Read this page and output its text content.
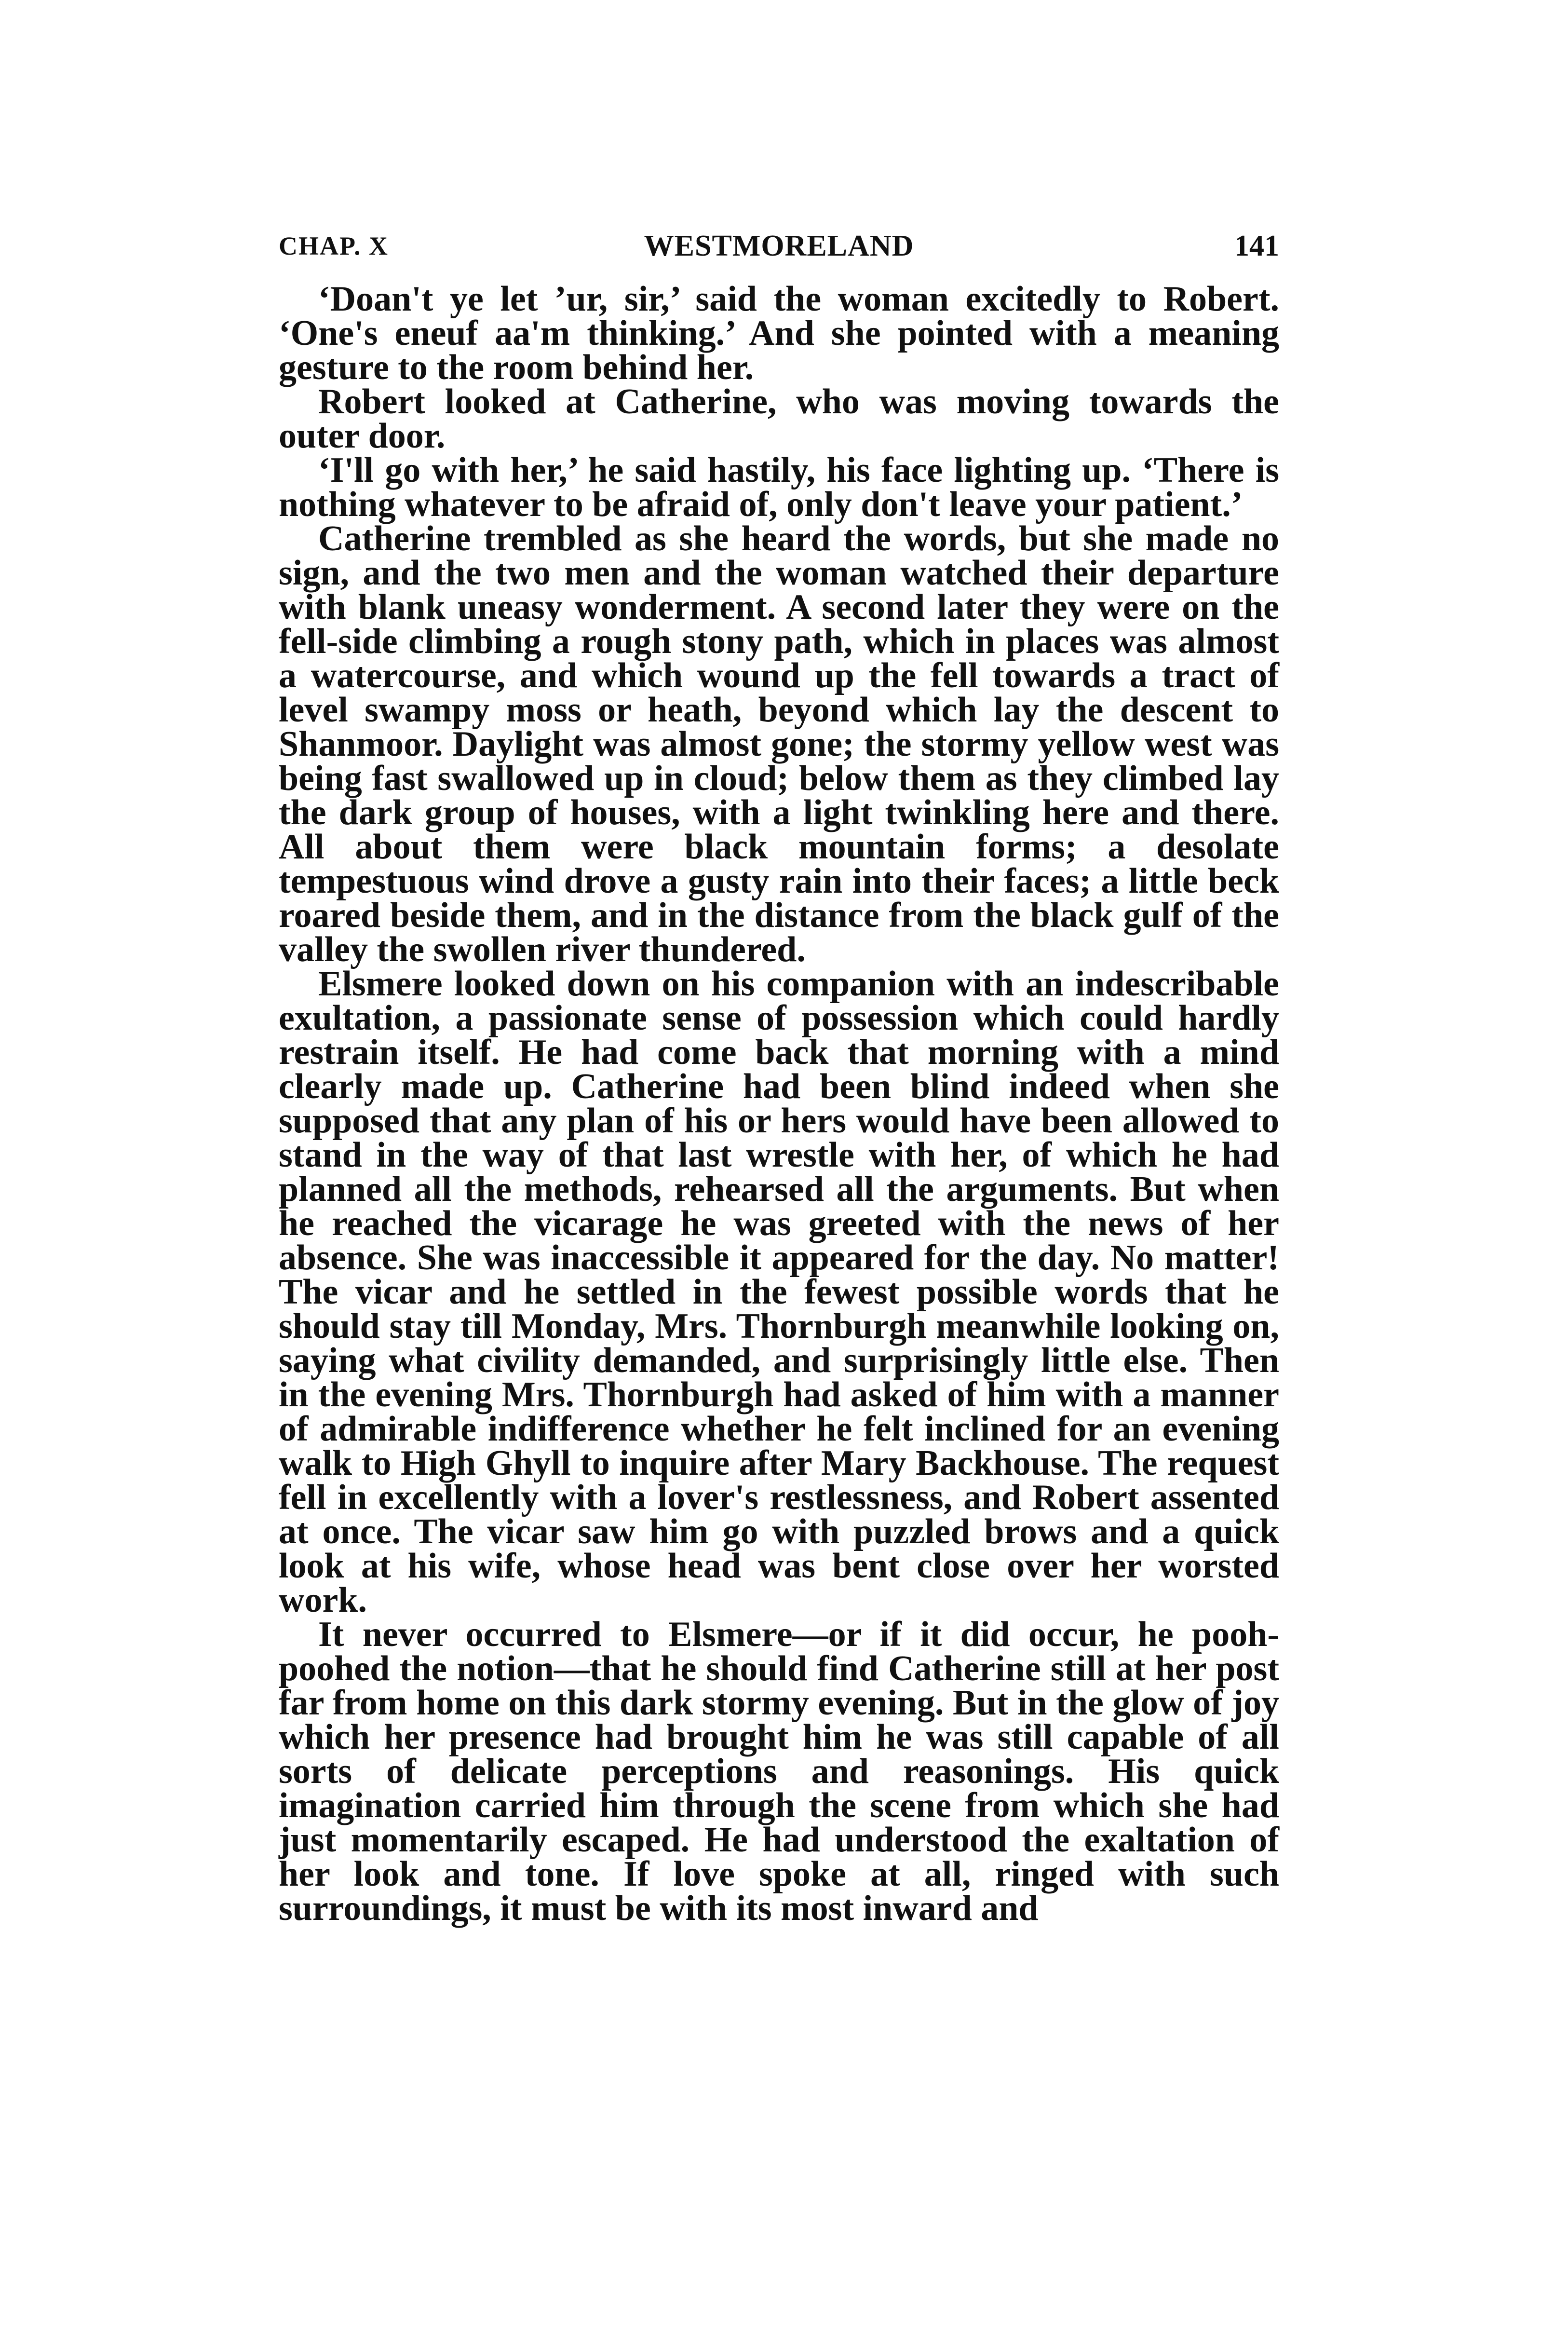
CHAP. X	WESTMORELAND	141

‘Doan't ye let ’ur, sir,’ said the woman excitedly to Robert. ‘One's eneuf aa'm thinking.’ And she pointed with a meaning gesture to the room behind her.

Robert looked at Catherine, who was moving towards the outer door.

‘I'll go with her,’ he said hastily, his face lighting up. ‘There is nothing whatever to be afraid of, only don't leave your patient.’

Catherine trembled as she heard the words, but she made no sign, and the two men and the woman watched their departure with blank uneasy wonderment. A second later they were on the fell-side climbing a rough stony path, which in places was almost a watercourse, and which wound up the fell towards a tract of level swampy moss or heath, beyond which lay the descent to Shanmoor. Daylight was almost gone; the stormy yellow west was being fast swallowed up in cloud; below them as they climbed lay the dark group of houses, with a light twinkling here and there. All about them were black mountain forms; a desolate tempestuous wind drove a gusty rain into their faces; a little beck roared beside them, and in the distance from the black gulf of the valley the swollen river thundered.

Elsmere looked down on his companion with an indescribable exultation, a passionate sense of possession which could hardly restrain itself. He had come back that morning with a mind clearly made up. Catherine had been blind indeed when she supposed that any plan of his or hers would have been allowed to stand in the way of that last wrestle with her, of which he had planned all the methods, rehearsed all the arguments. But when he reached the vicarage he was greeted with the news of her absence. She was inaccessible it appeared for the day. No matter! The vicar and he settled in the fewest possible words that he should stay till Monday, Mrs. Thornburgh meanwhile looking on, saying what civility demanded, and surprisingly little else. Then in the evening Mrs. Thornburgh had asked of him with a manner of admirable indifference whether he felt inclined for an evening walk to High Ghyll to inquire after Mary Backhouse. The request fell in excellently with a lover's restlessness, and Robert assented at once. The vicar saw him go with puzzled brows and a quick look at his wife, whose head was bent close over her worsted work.

It never occurred to Elsmere—or if it did occur, he pooh-poohed the notion—that he should find Catherine still at her post far from home on this dark stormy evening. But in the glow of joy which her presence had brought him he was still capable of all sorts of delicate perceptions and reasonings. His quick imagination carried him through the scene from which she had just momentarily escaped. He had understood the exaltation of her look and tone. If love spoke at all, ringed with such surroundings, it must be with its most inward and
